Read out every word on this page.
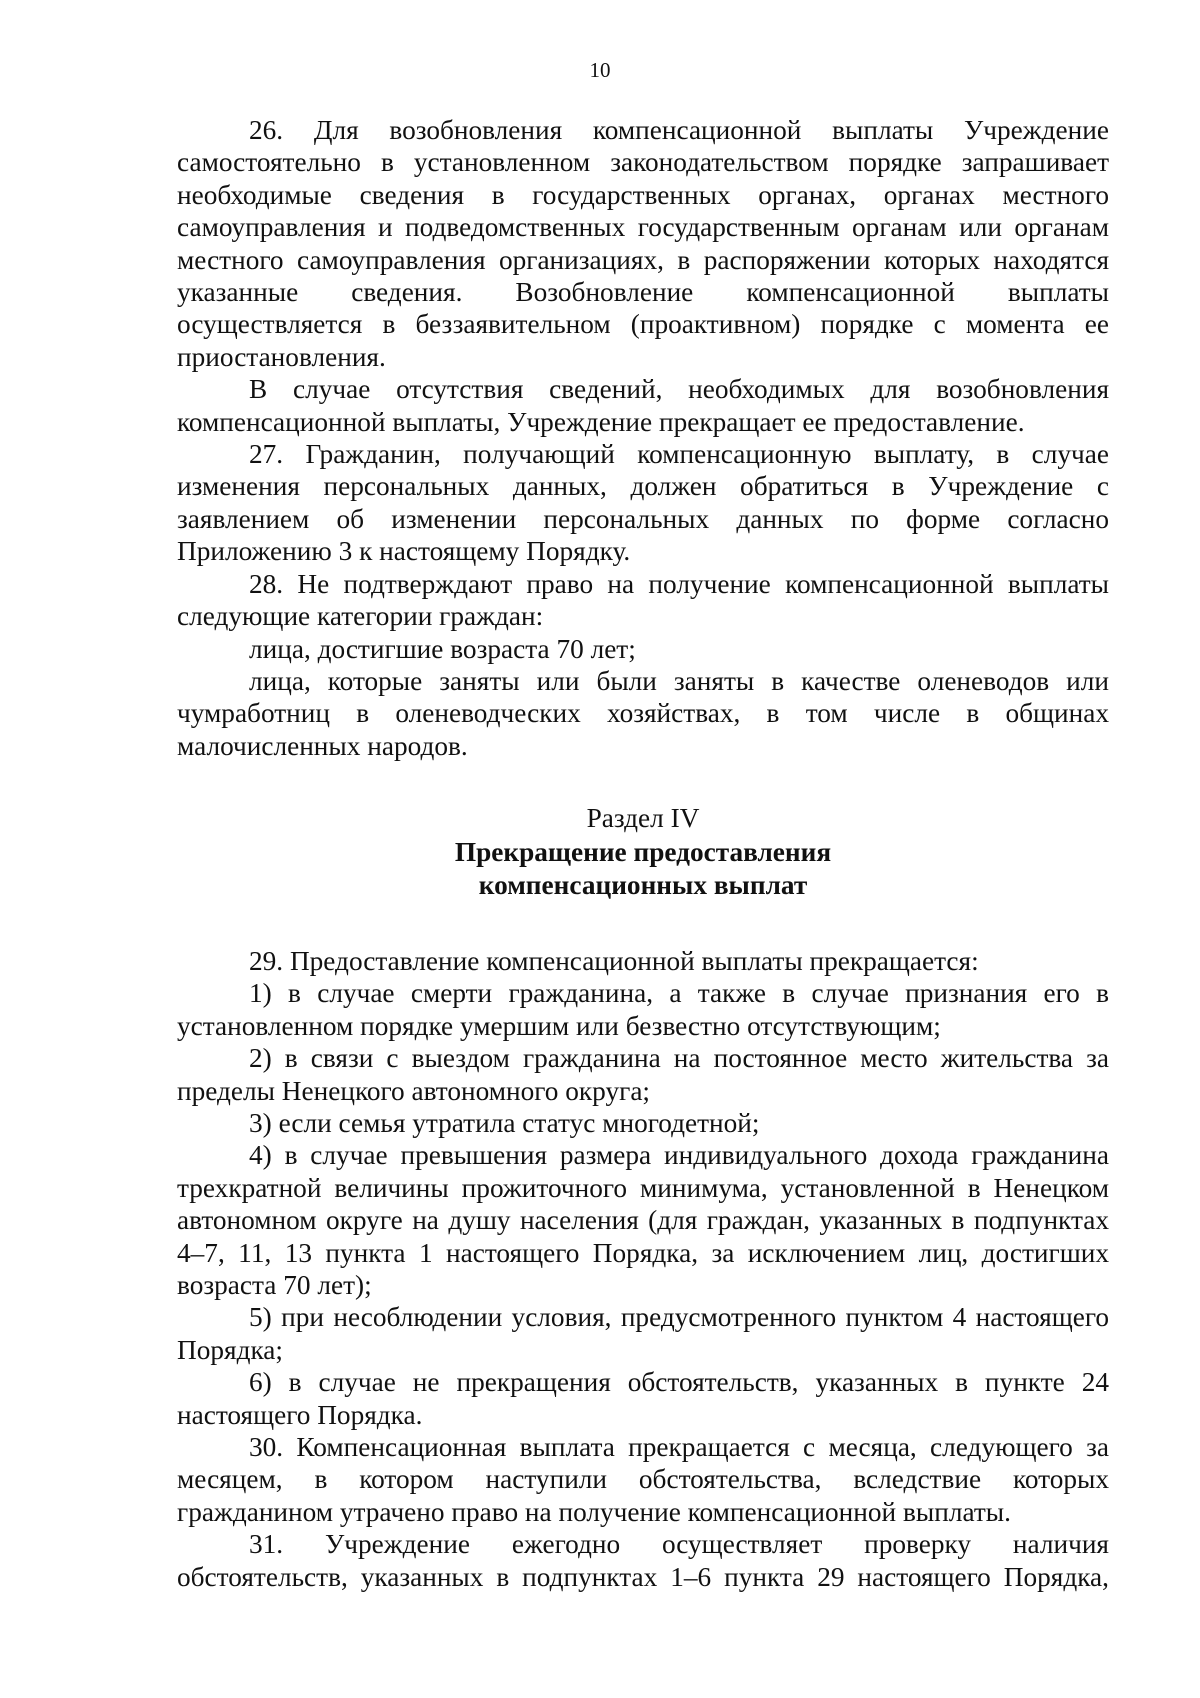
10

26. Для возобновления компенсационной выплаты Учреждение самостоятельно в установленном законодательством порядке запрашивает необходимые сведения в государственных органах, органах местного самоуправления и подведомственных государственным органам или органам местного самоуправления организациях, в распоряжении которых находятся указанные сведения. Возобновление компенсационной выплаты осуществляется в беззаявительном (проактивном) порядке с момента ее приостановления.

В случае отсутствия сведений, необходимых для возобновления компенсационной выплаты, Учреждение прекращает ее предоставление.

27. Гражданин, получающий компенсационную выплату, в случае изменения персональных данных, должен обратиться в Учреждение с заявлением об изменении персональных данных по форме согласно Приложению 3 к настоящему Порядку.

28. Не подтверждают право на получение компенсационной выплаты следующие категории граждан:

лица, достигшие возраста 70 лет;

лица, которые заняты или были заняты в качестве оленеводов или чумработниц в оленеводческих хозяйствах, в том числе в общинах малочисленных народов.

Раздел IV
Прекращение предоставления
компенсационных выплат

29. Предоставление компенсационной выплаты прекращается:

1) в случае смерти гражданина, а также в случае признания его в установленном порядке умершим или безвестно отсутствующим;

2) в связи с выездом гражданина на постоянное место жительства за пределы Ненецкого автономного округа;

3) если семья утратила статус многодетной;

4) в случае превышения размера индивидуального дохода гражданина трехкратной величины прожиточного минимума, установленной в Ненецком автономном округе на душу населения (для граждан, указанных в подпунктах 4–7, 11, 13 пункта 1 настоящего Порядка, за исключением лиц, достигших возраста 70 лет);

5) при несоблюдении условия, предусмотренного пунктом 4 настоящего Порядка;

6) в случае не прекращения обстоятельств, указанных в пункте 24 настоящего Порядка.

30. Компенсационная выплата прекращается с месяца, следующего за месяцем, в котором наступили обстоятельства, вследствие которых гражданином утрачено право на получение компенсационной выплаты.

31. Учреждение ежегодно осуществляет проверку наличия обстоятельств, указанных в подпунктах 1–6 пункта 29 настоящего Порядка,
